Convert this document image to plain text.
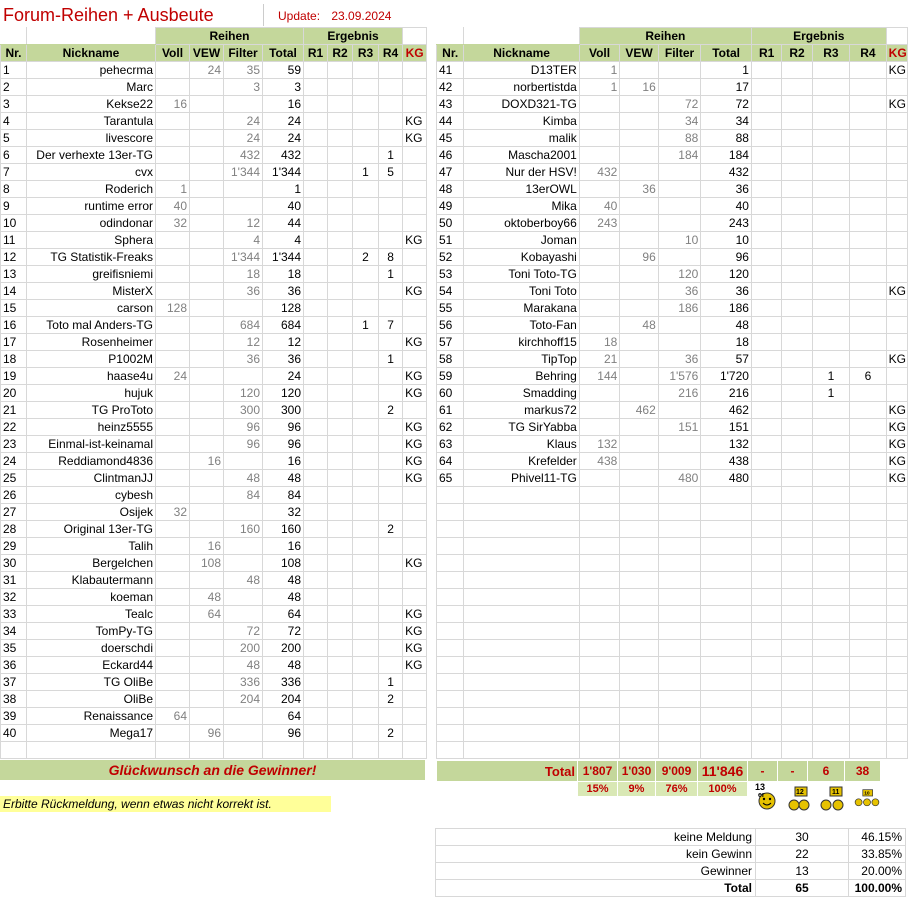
Forum-Reihen + Ausbeute	Update: 23.09.2024
		Reihen				Ergebnis				
Nr.	Nickname	Voll	VEW	Filter	Total	R1	R2	R3	R4	KG
1	pehecrma		24	35	59					
2	Marc			3	3					
3	Kekse22	16			16					
4	Tarantula			24	24					KG
5	livescore			24	24					KG
6	Der verhexte 13er-TG			432	432				1	
7	cvx			1'344	1'344			1	5	
8	Roderich	1			1					
9	runtime error	40			40					
10	odindonar	32		12	44					
11	Sphera			4	4					KG
12	TG Statistik-Freaks			1'344	1'344			2	8	
13	greifisniemi			18	18				1	
14	MisterX			36	36					KG
15	carson	128			128					
16	Toto mal Anders-TG			684	684			1	7	
17	Rosenheimer			12	12					KG
18	P1002M			36	36				1	
19	haase4u	24			24					KG
20	hujuk			120	120					KG
21	TG ProToto			300	300				2	
22	heinz5555			96	96					KG
23	Einmal-ist-keinamal			96	96					KG
24	Reddiamond4836		16		16					KG
25	ClintmanJJ			48	48					KG
26	cybesh			84	84					
27	Osijek	32			32					
28	Original 13er-TG			160	160				2	
29	Talih		16		16					
30	Bergelchen		108		108					KG
31	Klabautermann			48	48					
32	koeman		48		48					
33	Tealc		64		64					KG
34	TomPy-TG			72	72					KG
35	doerschdi			200	200					KG
36	Eckard44			48	48					KG
37	TG OliBe			336	336				1	
38	OliBe			204	204				2	
39	Renaissance	64			64					
40	Mega17		96		96				2	

		Reihen				Ergebnis				
Nr.	Nickname	Voll	VEW	Filter	Total	R1	R2	R3	R4	KG
41	D13TER	1			1					KG
42	norbertistda	1	16		17					
43	DOXD321-TG			72	72					KG
44	Kimba			34	34					
45	malik			88	88					
46	Mascha2001			184	184					
47	Nur der HSV!	432			432					
48	13erOWL		36		36					
49	Mika	40			40					
50	oktoberboy66	243			243					
51	Joman			10	10					
52	Kobayashi		96		96					
53	Toni Toto-TG			120	120					
54	Toni Toto			36	36					KG
55	Marakana			186	186					
56	Toto-Fan		48		48					
57	kirchhoff15	18			18					
58	TipTop	21		36	57					KG
59	Behring	144		1'576	1'720			1	6	
60	Smadding			216	216			1		
61	markus72		462		462					KG
62	TG SirYabba			151	151					KG
63	Klaus	132			132					KG
64	Krefelder	438			438					KG
65	Phivel11-TG			480	480					KG

Glückwunsch an die Gewinner!
Erbitte Rückmeldung, wenn etwas nicht korrekt ist.
Total	1'807	1'030	9'009	11'846	-	-	6	38	
	15%	9%	76%	100%					13
er	12	11	10
keine Meldung	30	46.15%
kein Gewinn	22	33.85%
Gewinner	13	20.00%
Total	65	100.00%
